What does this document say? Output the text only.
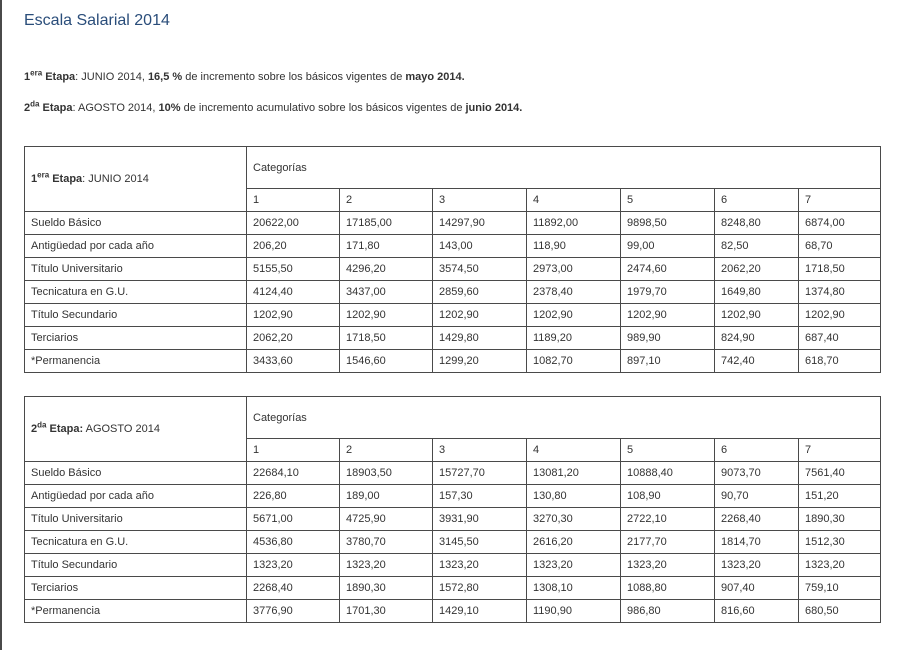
Escala Salarial 2014

$1^{era}$ Etapa: JUNIO 2014, 16,5 % de incremento sobre los básicos vigentes de mayo 2014.

$2^{da}$ Etapa: AGOSTO 2014, 10% de incremento acumulativo sobre los básicos vigentes de junio 2014.

$1^{era}$ Etapa: JUNIO 2014	Categorías						
	1	2	3	4	5	6	7
Sueldo Básico	20622,00	17185,00	14297,90	11892,00	9898,50	8248,80	6874,00
Antigüedad por cada año	206,20	171,80	143,00	118,90	99,00	82,50	68,70
Título Universitario	5155,50	4296,20	3574,50	2973,00	2474,60	2062,20	1718,50
Tecnicatura en G.U.	4124,40	3437,00	2859,60	2378,40	1979,70	1649,80	1374,80
Título Secundario	1202,90	1202,90	1202,90	1202,90	1202,90	1202,90	1202,90
Terciarios	2062,20	1718,50	1429,80	1189,20	989,90	824,90	687,40
*Permanencia	3433,60	1546,60	1299,20	1082,70	897,10	742,40	618,70
$2^{da}$ Etapa: AGOSTO 2014	Categorías						
	1	2	3	4	5	6	7
Sueldo Básico	22684,10	18903,50	15727,70	13081,20	10888,40	9073,70	7561,40
Antigüedad por cada año	226,80	189,00	157,30	130,80	108,90	90,70	151,20
Título Universitario	5671,00	4725,90	3931,90	3270,30	2722,10	2268,40	1890,30
Tecnicatura en G.U.	4536,80	3780,70	3145,50	2616,20	2177,70	1814,70	1512,30
Título Secundario	1323,20	1323,20	1323,20	1323,20	1323,20	1323,20	1323,20
Terciarios	2268,40	1890,30	1572,80	1308,10	1088,80	907,40	759,10
*Permanencia	3776,90	1701,30	1429,10	1190,90	986,80	816,60	680,50
